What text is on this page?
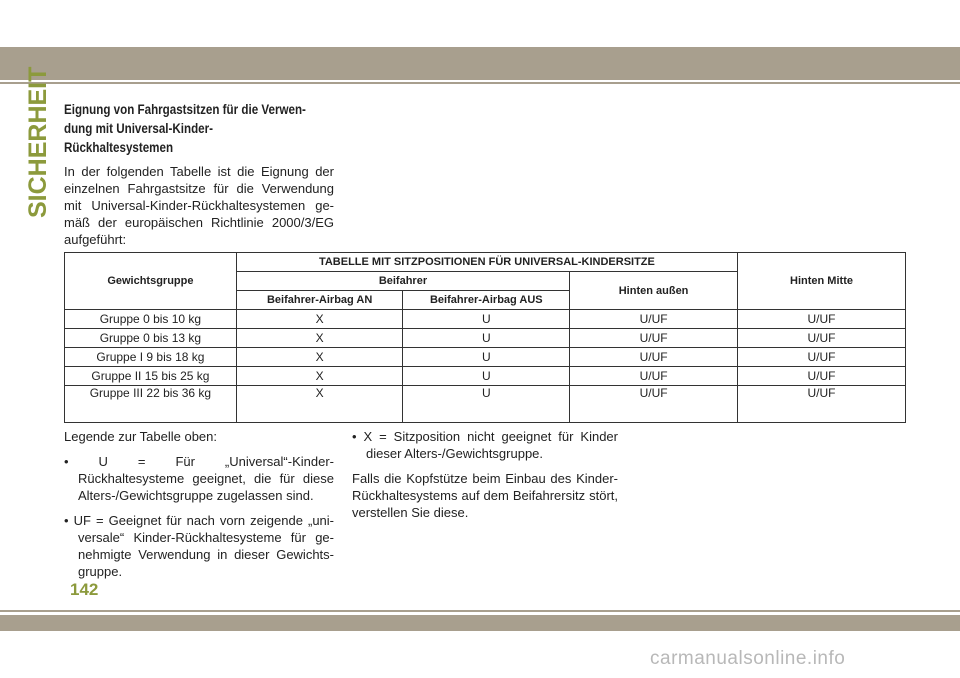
SICHERHEIT Eignung von Fahrgastsitzen für die Verwen-dung mit Universal-Kinder-Rückhaltesystemen
In der folgenden Tabelle ist die Eignung der einzelnen Fahrgastsitze für die Verwendung mit Universal-Kinder-Rückhaltesystemen ge-mäß der europäischen Richtlinie 2000/3/EG aufgeführt:
Gewichtsgruppe	TABELLE MIT SITZPOSITIONEN FÜR UNIVERSAL-KINDERSITZE			Hinten Mitte
	Beifahrer		Hinten außen	
	Beifahrer-Airbag AN	Beifahrer-Airbag AUS		
Gruppe 0 bis 10 kg	X	U	U/UF	U/UF
Gruppe 0 bis 13 kg	X	U	U/UF	U/UF
Gruppe I 9 bis 18 kg	X	U	U/UF	U/UF
Gruppe II 15 bis 25 kg	X	U	U/UF	U/UF
Gruppe III 22 bis 36 kg	X	U	U/UF	U/UF

Legende zur Tabelle oben:

• U = Für „Universal“-Kinder-Rückhaltesysteme geeignet, die für diese Alters-/Gewichtsgruppe zugelassen sind.

• UF = Geeignet für nach vorn zeigende „uni-versale“ Kinder-Rückhaltesysteme für ge-nehmigte Verwendung in dieser Gewichts-gruppe.

• X = Sitzposition nicht geeignet für Kinder dieser Alters-/Gewichtsgruppe.

Falls die Kopfstütze beim Einbau des Kinder-Rückhaltesystems auf dem Beifahrersitz stört, verstellen Sie diese.

142
carmanualsonline.info
